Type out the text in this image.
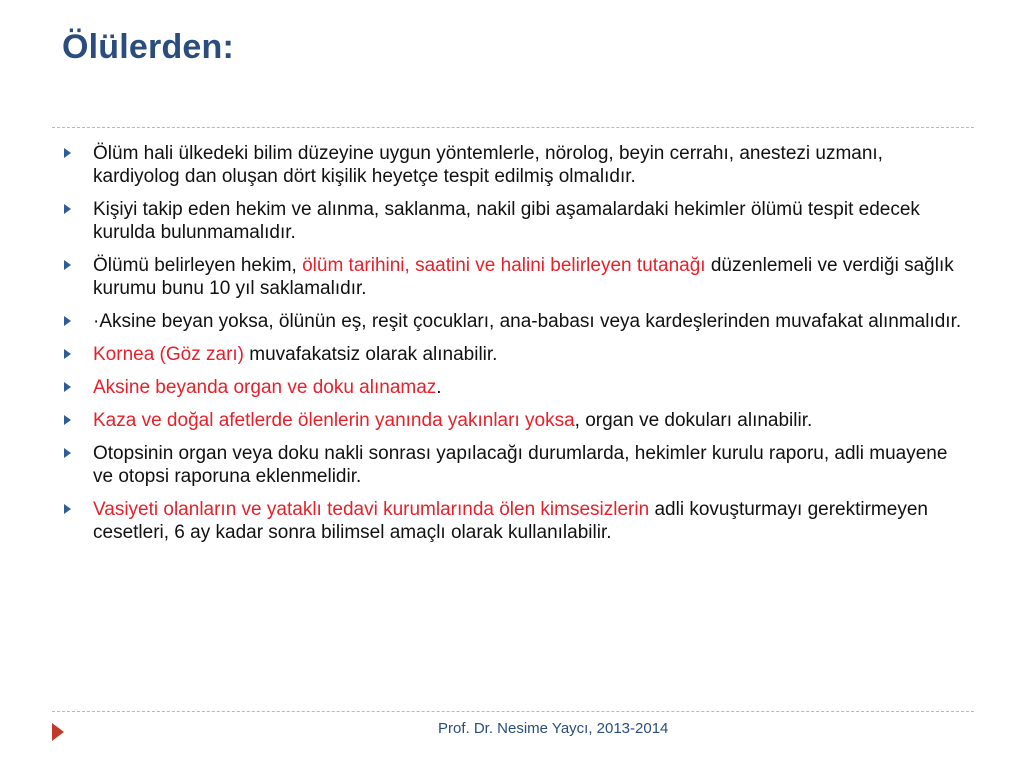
Ölülerden:
Ölüm hali ülkedeki bilim düzeyine uygun yöntemlerle, nörolog, beyin cerrahı, anestezi uzmanı, kardiyolog dan oluşan dört kişilik heyetçe tespit edilmiş olmalıdır.
Kişiyi takip eden hekim ve alınma, saklanma, nakil gibi aşamalardaki hekimler ölümü tespit edecek kurulda bulunmamalıdır.
Ölümü belirleyen hekim, ölüm tarihini, saatini ve halini belirleyen tutanağı düzenlemeli ve verdiği sağlık kurumu bunu 10 yıl saklamalıdır.
·Aksine beyan yoksa, ölünün eş, reşit çocukları, ana-babası veya kardeşlerinden muvafakat alınmalıdır.
Kornea (Göz zarı) muvafakatsiz olarak alınabilir.
Aksine beyanda organ ve doku alınamaz.
Kaza ve doğal afetlerde ölenlerin yanında yakınları yoksa, organ ve dokuları alınabilir.
Otopsinin organ veya doku nakli sonrası yapılacağı durumlarda, hekimler kurulu raporu, adli muayene ve otopsi raporuna eklenmelidir.
Vasiyeti olanların ve yataklı tedavi kurumlarında ölen kimsesizlerin adli kovuşturmayı gerektirmeyen cesetleri, 6 ay kadar sonra bilimsel amaçlı olarak kullanılabilir.
Prof. Dr. Nesime Yaycı, 2013-2014
